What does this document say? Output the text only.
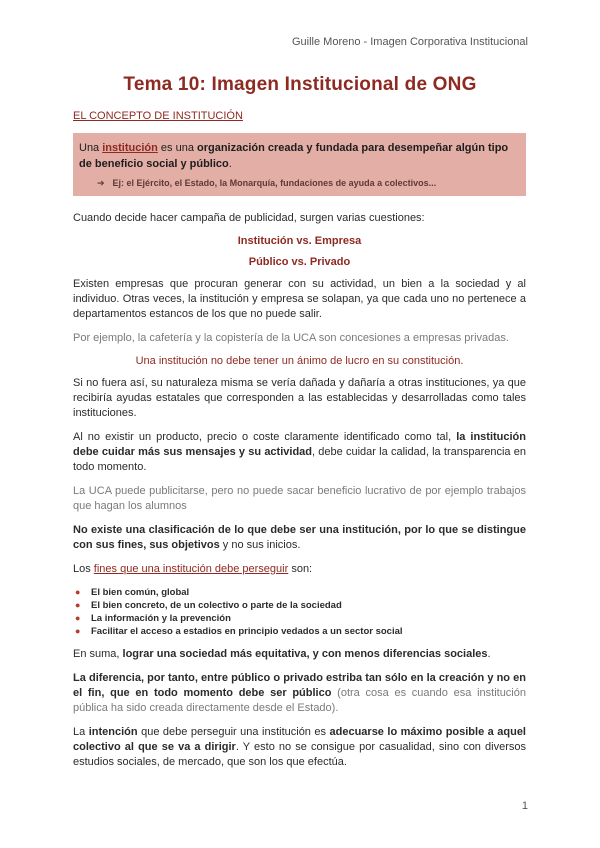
Guille Moreno - Imagen Corporativa Institucional
Tema 10: Imagen Institucional de ONG
EL CONCEPTO DE INSTITUCIÓN

Una institución es una organización creada y fundada para desempeñar algún tipo de beneficio social y público.

➔ Ej: el Ejército, el Estado, la Monarquía, fundaciones de ayuda a colectivos...

Cuando decide hacer campaña de publicidad, surgen varias cuestiones:

Institución vs. Empresa

Público vs. Privado

Existen empresas que procuran generar con su actividad, un bien a la sociedad y al individuo. Otras veces, la institución y empresa se solapan, ya que cada uno no pertenece a departamentos estancos de los que no puede salir.

Por ejemplo, la cafetería y la copistería de la UCA son concesiones a empresas privadas.

Una institución no debe tener un ánimo de lucro en su constitución.

Si no fuera así, su naturaleza misma se vería dañada y dañaría a otras instituciones, ya que recibiría ayudas estatales que corresponden a las establecidas y desarrolladas como tales instituciones.

Al no existir un producto, precio o coste claramente identificado como tal, la institución debe cuidar más sus mensajes y su actividad, debe cuidar la calidad, la transparencia en todo momento.

La UCA puede publicitarse, pero no puede sacar beneficio lucrativo de por ejemplo trabajos que hagan los alumnos

No existe una clasificación de lo que debe ser una institución, por lo que se distingue con sus fines, sus objetivos y no sus inicios.

Los fines que una institución debe perseguir son:

● El bien común, global
● El bien concreto, de un colectivo o parte de la sociedad
● La información y la prevención
● Facilitar el acceso a estadios en principio vedados a un sector social

En suma, lograr una sociedad más equitativa, y con menos diferencias sociales.

La diferencia, por tanto, entre público o privado estriba tan sólo en la creación y no en el fin, que en todo momento debe ser público (otra cosa es cuando esa institución pública ha sido creada directamente desde el Estado).

La intención que debe perseguir una institución es adecuarse lo máximo posible a aquel colectivo al que se va a dirigir. Y esto no se consigue por casualidad, sino con diversos estudios sociales, de mercado, que son los que efectúa.

1
